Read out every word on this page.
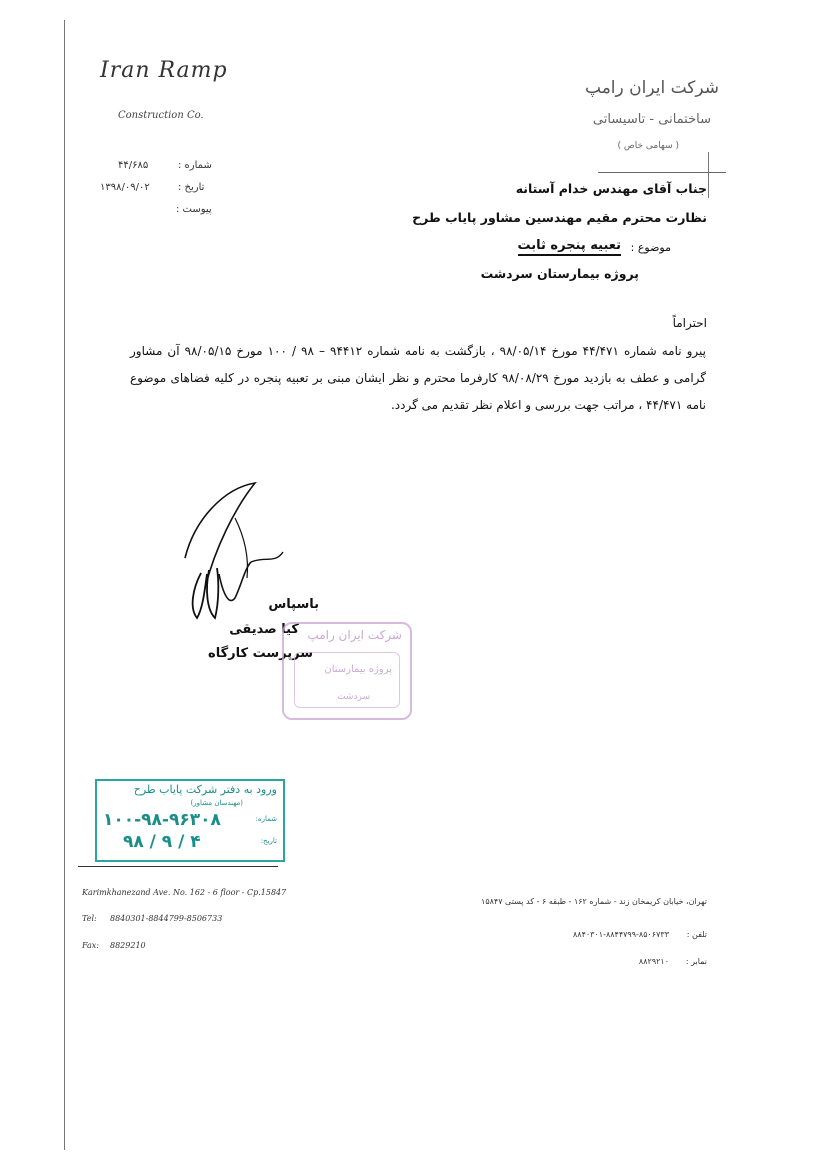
Iran Ramp
Construction Co.
شرکت ایران رامپ
ساختمانی - تاسیساتی
( سهامی خاص )
شماره :
۴۴/۶۸۵
تاریخ :
۱۳۹۸/۰۹/۰۲
پیوست :
جناب آقای مهندس خدام آستانه
نظارت محترم مقیم مهندسین مشاور پایاب طرح
موضوع :
تعبیه پنجره ثابت
پروژه بیمارستان سردشت
احتراماً
پیرو نامه شماره ۴۴/۴۷۱ مورخ ۹۸/۰۵/۱۴ ، بازگشت به نامه شماره ۹۴۴۱۲ – ۹۸ / ۱۰۰ مورخ ۹۸/۰۵/۱۵ آن مشاور گرامی و عطف به بازدید مورخ ۹۸/۰۸/۲۹ کارفرما محترم و نظر ایشان مبنی بر تعبیه پنجره در کلیه فضاهای موضوع نامه ۴۴/۴۷۱ ، مراتب جهت بررسی و اعلام نظر تقدیم می گردد.
باسپاس
کیا صدیقی
سرپرست کارگاه
شرکت ایران رامپ
پروژه بیمارستان
سردشت
ورود به دفتر شرکت پایاب طرح
(مهندسان مشاور)
۱۰۰-۹۸-۹۶۳۰۸	شماره:
۹۸ / ۹ / ۴	تاریخ:
Karimkhanezand Ave. No. 162 - 6 floor - Cp.15847
Tel: 8840301-8844799-8506733
Fax: 8829210
تهران، خیابان کریمخان زند - شماره ۱۶۲ - طبقه ۶ - کد پستی ۱۵۸۴۷
تلفن :
۸۸۴۰۳۰۱-۸۸۴۴۷۹۹-۸۵۰۶۷۳۳
نمابر :
۸۸۲۹۲۱۰
